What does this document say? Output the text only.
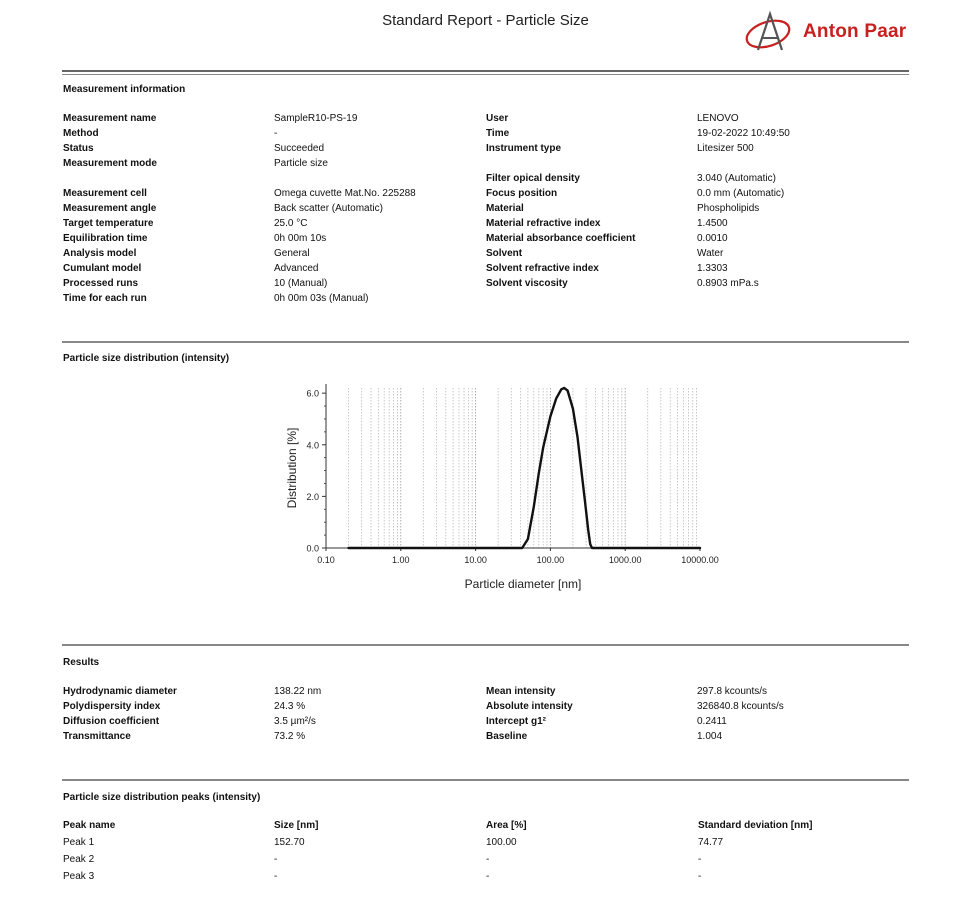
Standard Report - Particle Size
Anton Paar
Measurement information
Measurement name	SampleR10-PS-19
Method	-
Status	Succeeded
Measurement mode	Particle size
Measurement cell	Omega cuvette Mat.No. 225288
Measurement angle	Back scatter (Automatic)
Target temperature	25.0 °C
Equilibration time	0h 00m 10s
Analysis model	General
Cumulant model	Advanced
Processed runs	10 (Manual)
Time for each run	0h 00m 03s (Manual)
User	LENOVO
Time	19-02-2022 10:49:50
Instrument type	Litesizer 500
Filter opical density	3.040 (Automatic)
Focus position	0.0 mm (Automatic)
Material	Phospholipids
Material refractive index	1.4500
Material absorbance coefficient	0.0010
Solvent	Water
Solvent refractive index	1.3303
Solvent viscosity	0.8903 mPa.s
Particle size distribution (intensity)
0.0
2.0
4.0
6.0
0.10	1.00	10.00	100.00	1000.00	10000.00
Particle diameter [nm]
Distribution [%]
Results
Hydrodynamic diameter	138.22 nm
Polydispersity index	24.3 %
Diffusion coefficient	3.5 µm²/s
Transmittance	73.2 %
Mean intensity	297.8 kcounts/s
Absolute intensity	326840.8 kcounts/s
Intercept g1²	0.2411
Baseline	1.004
Particle size distribution peaks (intensity)
Peak name	Size [nm]	Area [%]	Standard deviation [nm]
Peak 1	152.70	100.00	74.77
Peak 2	-	-	-
Peak 3	-	-	-
